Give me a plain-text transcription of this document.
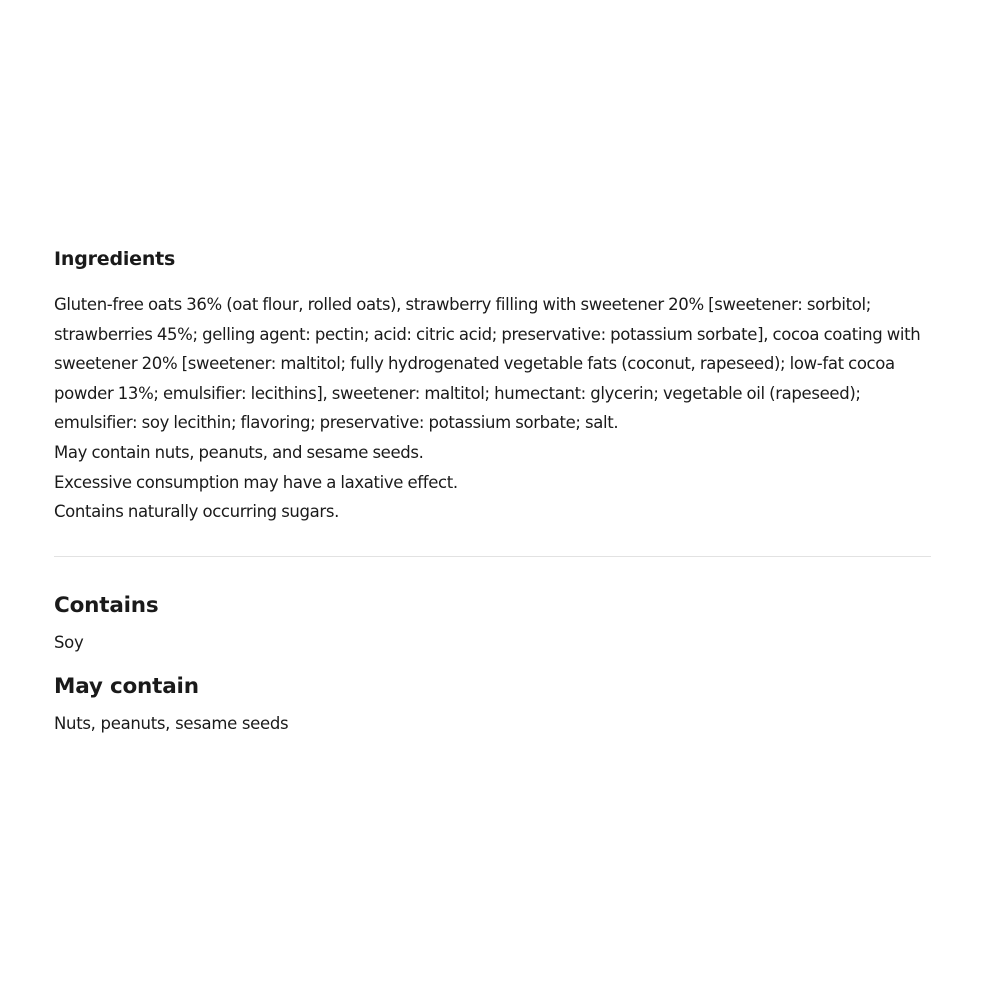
Ingredients

Gluten-free oats 36% (oat flour, rolled oats), strawberry filling with sweetener 20% [sweetener: sorbitol;

strawberries 45%; gelling agent: pectin; acid: citric acid; preservative: potassium sorbate], cocoa coating with

sweetener 20% [sweetener: maltitol; fully hydrogenated vegetable fats (coconut, rapeseed); low-fat cocoa

powder 13%; emulsifier: lecithins], sweetener: maltitol; humectant: glycerin; vegetable oil (rapeseed);

emulsifier: soy lecithin; flavoring; preservative: potassium sorbate; salt.

May contain nuts, peanuts, and sesame seeds.

Excessive consumption may have a laxative effect.

Contains naturally occurring sugars.

Contains

Soy

May contain

Nuts, peanuts, sesame seeds
